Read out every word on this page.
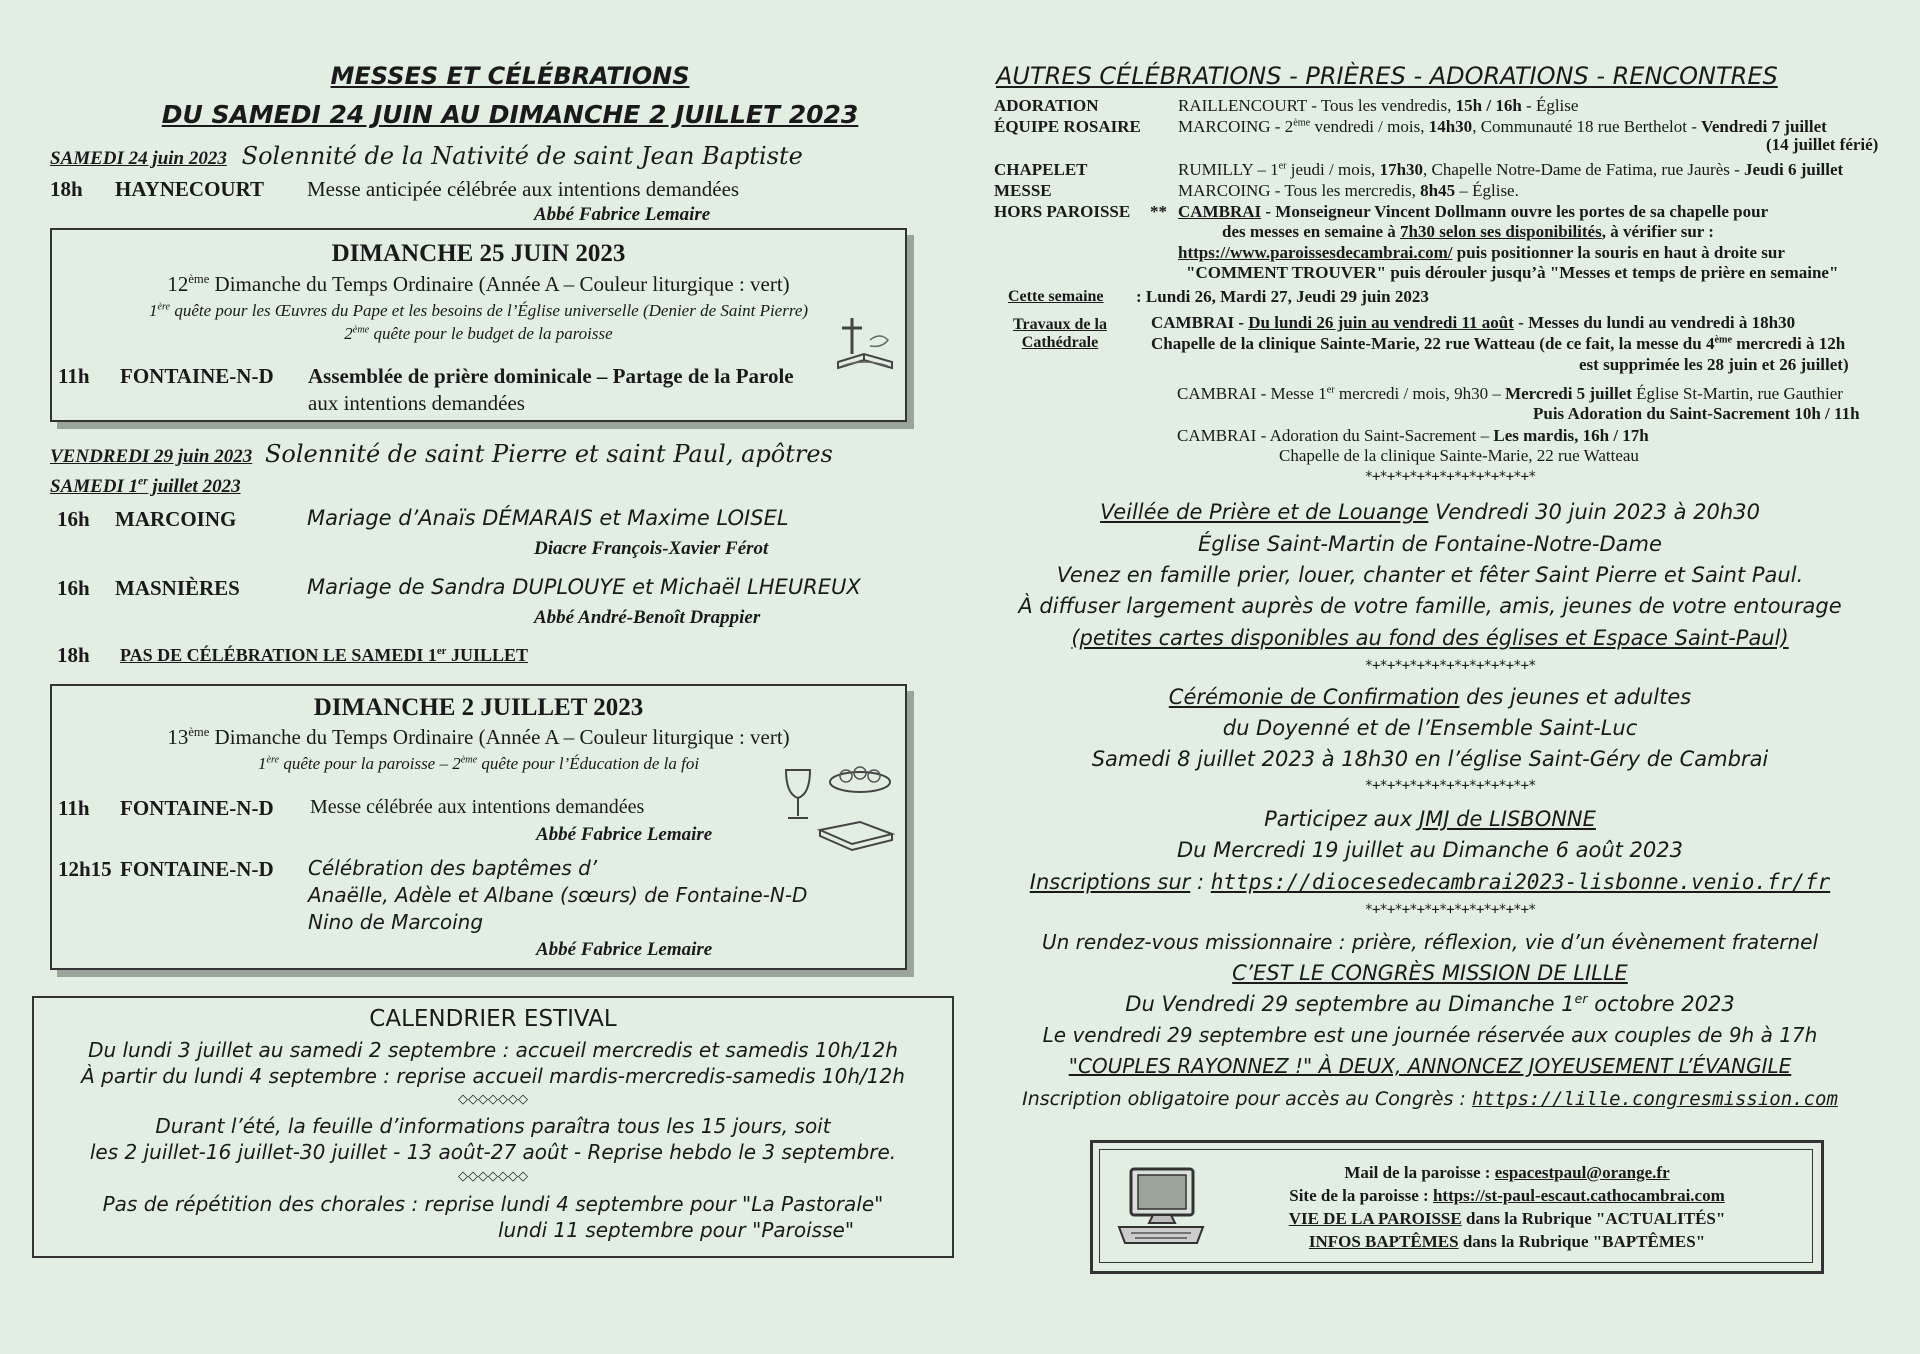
MESSES ET CÉLÉBRATIONS
DU SAMEDI 24 JUIN AU DIMANCHE 2 JUILLET 2023
SAMEDI 24 juin 2023 Solennité de la Nativité de saint Jean Baptiste
18h HAYNECOURT Messe anticipée célébrée aux intentions demandées
Abbé Fabrice Lemaire
DIMANCHE 25 JUIN 2023
12ème Dimanche du Temps Ordinaire (Année A – Couleur liturgique : vert)
1ère quête pour les Œuvres du Pape et les besoins de l’Église universelle (Denier de Saint Pierre)
2ème quête pour le budget de la paroisse
11h FONTAINE-N-D Assemblée de prière dominicale – Partage de la Parole
aux intentions demandées
VENDREDI 29 juin 2023 Solennité de saint Pierre et saint Paul, apôtres
SAMEDI 1er juillet 2023
16h MARCOING	Mariage d’Anaïs DÉMARAIS et Maxime LOISEL
Diacre François-Xavier Férot
16h MASNIÈRES	Mariage de Sandra DUPLOUYE et Michaël LHEUREUX
Abbé André-Benoît Drappier
18h PAS DE CÉLÉBRATION LE SAMEDI 1er JUILLET
DIMANCHE 2 JUILLET 2023
13ème Dimanche du Temps Ordinaire (Année A – Couleur liturgique : vert)
1ère quête pour la paroisse – 2ème quête pour l’Éducation de la foi
11h FONTAINE-N-D Messe célébrée aux intentions demandées
Abbé Fabrice Lemaire
12h15 FONTAINE-N-D Célébration des baptêmes d’
Anaëlle, Adèle et Albane (sœurs) de Fontaine-N-D
Nino de Marcoing
Abbé Fabrice Lemaire
CALENDRIER ESTIVAL
Du lundi 3 juillet au samedi 2 septembre : accueil mercredis et samedis 10h/12h
À partir du lundi 4 septembre : reprise accueil mardis-mercredis-samedis 10h/12h
◇◇◇◇◇◇◇
Durant l’été, la feuille d’informations paraîtra tous les 15 jours, soit
les 2 juillet-16 juillet-30 juillet - 13 août-27 août - Reprise hebdo le 3 septembre.
◇◇◇◇◇◇◇
Pas de répétition des chorales : reprise lundi 4 septembre pour "La Pastorale"
lundi 11 septembre pour "Paroisse"
AUTRES CÉLÉBRATIONS - PRIÈRES - ADORATIONS - RENCONTRES
ADORATION	RAILLENCOURT - Tous les vendredis, 15h / 16h - Église
ÉQUIPE ROSAIRE MARCOING - 2ème vendredi / mois, 14h30, Communauté 18 rue Berthelot - Vendredi 7 juillet
(14 juillet férié)
CHAPELET	RUMILLY – 1er jeudi / mois, 17h30, Chapelle Notre-Dame de Fatima, rue Jaurès - Jeudi 6 juillet
MESSE	MARCOING - Tous les mercredis, 8h45 – Église.
HORS PAROISSE ** CAMBRAI - Monseigneur Vincent Dollmann ouvre les portes de sa chapelle pour
des messes en semaine à 7h30 selon ses disponibilités, à vérifier sur :
https://www.paroissesdecambrai.com/ puis positionner la souris en haut à droite sur
"COMMENT TROUVER" puis dérouler jusqu’à "Messes et temps de prière en semaine"
Cette semaine : Lundi 26, Mardi 27, Jeudi 29 juin 2023
Travaux de la
Cathédrale
CAMBRAI - Du lundi 26 juin au vendredi 11 août - Messes du lundi au vendredi à 18h30
Chapelle de la clinique Sainte-Marie, 22 rue Watteau (de ce fait, la messe du 4ème mercredi à 12h
est supprimée les 28 juin et 26 juillet)
CAMBRAI - Messe 1er mercredi / mois, 9h30 – Mercredi 5 juillet Église St-Martin, rue Gauthier
Puis Adoration du Saint-Sacrement 10h / 11h
CAMBRAI - Adoration du Saint-Sacrement – Les mardis, 16h / 17h
Chapelle de la clinique Sainte-Marie, 22 rue Watteau
*+*+*+*+*+*+*+*+*+*+*+*
Veillée de Prière et de Louange Vendredi 30 juin 2023 à 20h30
Église Saint-Martin de Fontaine-Notre-Dame
Venez en famille prier, louer, chanter et fêter Saint Pierre et Saint Paul.
À diffuser largement auprès de votre famille, amis, jeunes de votre entourage
(petites cartes disponibles au fond des églises et Espace Saint-Paul)
*+*+*+*+*+*+*+*+*+*+*+*
Cérémonie de Confirmation des jeunes et adultes
du Doyenné et de l’Ensemble Saint-Luc
Samedi 8 juillet 2023 à 18h30 en l’église Saint-Géry de Cambrai
*+*+*+*+*+*+*+*+*+*+*+*
Participez aux JMJ de LISBONNE
Du Mercredi 19 juillet au Dimanche 6 août 2023
Inscriptions sur : https://diocesedecambrai2023-lisbonne.venio.fr/fr
*+*+*+*+*+*+*+*+*+*+*+*
Un rendez-vous missionnaire : prière, réflexion, vie d’un évènement fraternel
C’EST LE CONGRÈS MISSION DE LILLE
Du Vendredi 29 septembre au Dimanche 1er octobre 2023
Le vendredi 29 septembre est une journée réservée aux couples de 9h à 17h
"COUPLES RAYONNEZ !" À DEUX, ANNONCEZ JOYEUSEMENT L’ÉVANGILE
Inscription obligatoire pour accès au Congrès : https://lille.congresmission.com
Mail de la paroisse : espacestpaul@orange.fr
Site de la paroisse : https://st-paul-escaut.cathocambrai.com
VIE DE LA PAROISSE dans la Rubrique "ACTUALITÉS"
INFOS BAPTÊMES dans la Rubrique "BAPTÊMES"
